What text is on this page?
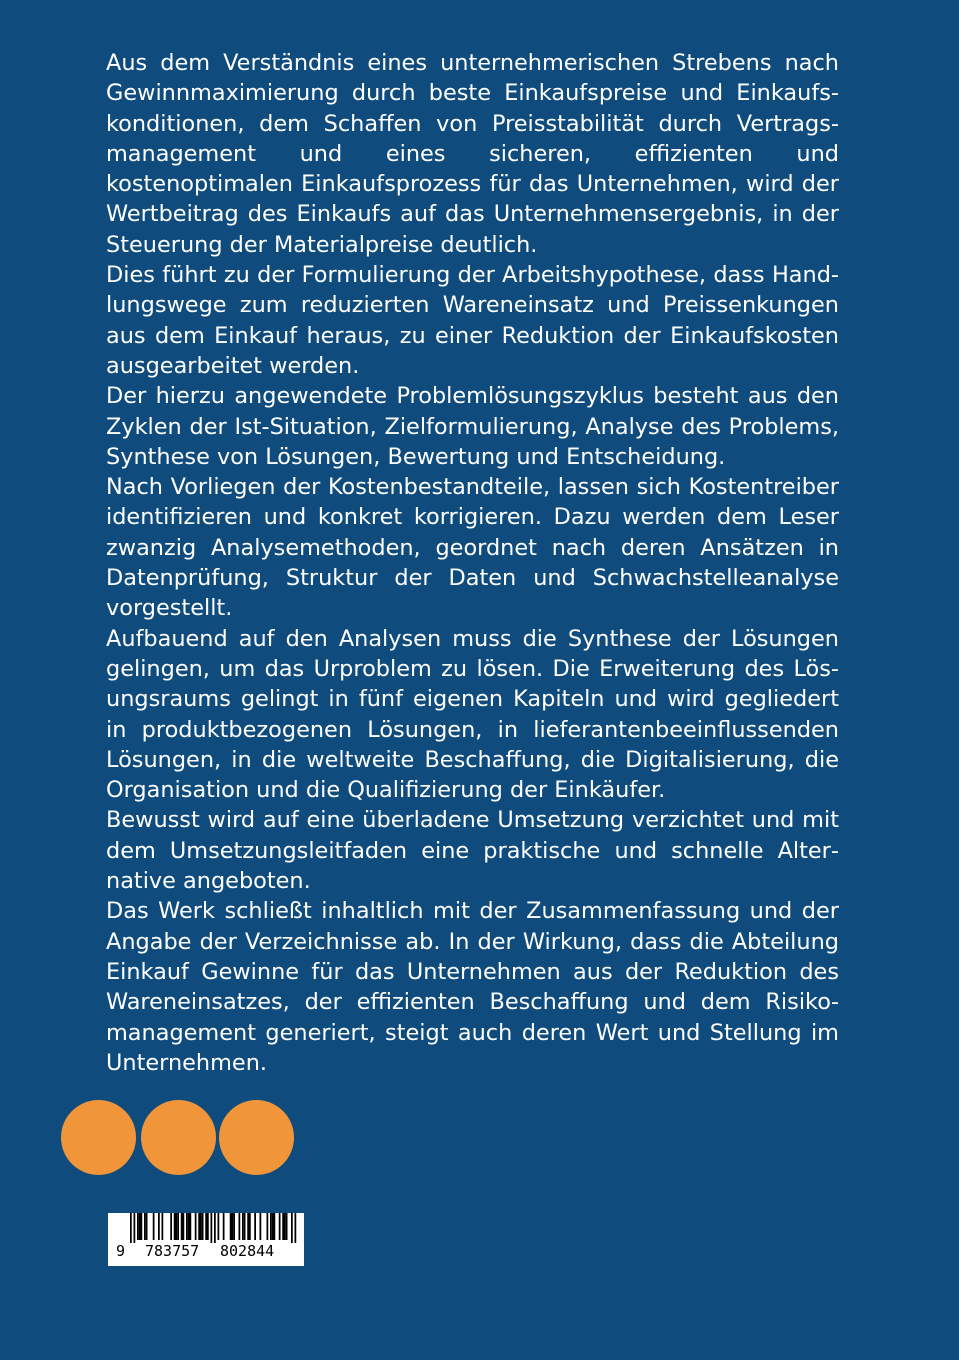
Aus dem Verständnis eines unternehmerischen Strebens nach Gewinnmaximierung durch beste Einkaufspreise und Einkaufskonditionen, dem Schaffen von Preisstabilität durch Vertragsmanagement und eines sicheren, effizienten und kostenoptimalen Einkaufsprozess für das Unternehmen, wird der Wertbeitrag des Einkaufs auf das Unternehmensergebnis, in der Steuerung der Materialpreise deutlich.

Dies führt zu der Formulierung der Arbeitshypothese, dass Handlungswege zum reduzierten Wareneinsatz und Preissenkungen aus dem Einkauf heraus, zu einer Reduktion der Einkaufskosten ausgearbeitet werden.

Der hierzu angewendete Problemlösungszyklus besteht aus den Zyklen der Ist-Situation, Zielformulierung, Analyse des Problems, Synthese von Lösungen, Bewertung und Entscheidung.

Nach Vorliegen der Kostenbestandteile, lassen sich Kostentreiber identifizieren und konkret korrigieren. Dazu werden dem Leser zwanzig Analysemethoden, geordnet nach deren Ansätzen in Datenprüfung, Struktur der Daten und Schwachstelleanalyse vorgestellt.

Aufbauend auf den Analysen muss die Synthese der Lösungen gelingen, um das Urproblem zu lösen. Die Erweiterung des Lösungsraums gelingt in fünf eigenen Kapiteln und wird gegliedert in produktbezogenen Lösungen, in lieferantenbeeinflussenden Lösungen, in die weltweite Beschaffung, die Digitalisierung, die Organisation und die Qualifizierung der Einkäufer.

Bewusst wird auf eine überladene Umsetzung verzichtet und mit dem Umsetzungsleitfaden eine praktische und schnelle Alternative angeboten.

Das Werk schließt inhaltlich mit der Zusammenfassung und der Angabe der Verzeichnisse ab. In der Wirkung, dass die Abteilung Einkauf Gewinne für das Unternehmen aus der Reduktion des Wareneinsatzes, der effizienten Beschaffung und dem Risikomanagement generiert, steigt auch deren Wert und Stellung im Unternehmen.

9 783757 802844
